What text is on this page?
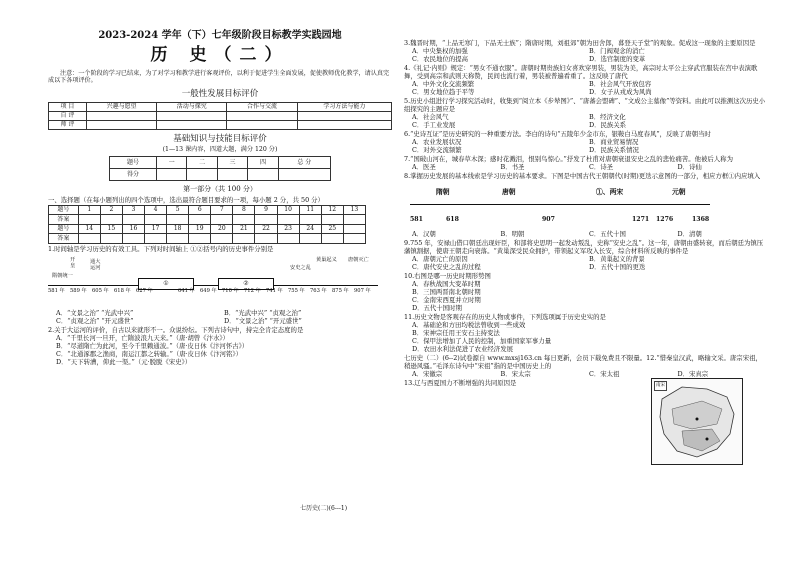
2023-2024 学年（下）七年级阶段目标教学实践园地
历 史（二）
注意：一个阶段的学习已结束，为了对学习和教学进行客观评价，以利于促进学生全面发展，促使教师优化教学，请认真完成以下各项评价。
一般性发展目标评价
项 目	兴趣与愿望	活动与探究	合作与交流	学习方法与能力
自 评				
师 评				
基础知识与技能目标评价
(1—13 课内容，四道大题，满分 120 分)
题号	一	二	三	四	总 分
得分					
第一部分（共 100 分）
一、选择题（在每小题列出的四个选项中，选出最符合题目要求的一项，每小题 2 分，共 50 分）
题号	1	2	3	4	5	6	7	8	9	10	11	12	13
答案													
题号	14	15	16	17	18	19	20	21	22	23	24	25	
答案													
1.时间轴是学习历史的有效工具。下列对时间轴上 ①②括号内的历史事件分别是
开
皇
隋朝统一
通大
运河
①	②
安史之乱
黄巢起义 唐朝灭亡
581 年 589 年 605 年 618 年 627 年	641 年 649 年 710 年 712 年 741 年 755 年 763 年 875 年 907 年
A．“文景之治” “光武中兴”	B．“光武中兴” “贞观之治”
C．“贞观之治” “开元盛世”	D．“文景之治” “开元盛世”
2.关于大运河的评价，自古以来就形不一。众说纷纭。下列古诗句中，持完全肯定态度的是
A．“千里长河一旦开，亡隋波浪九天来。”（唐·胡曾《汴水》）
B．“尽道隋亡为此河，至今千里赖通波。”（唐·皮日休《汴河怀古》）
C．“北通涿郡之渔商，南运江都之转输。”（唐·皮日休《汴河铭》）
D．“天下转漕，仰此一渠。”（元·脱脱《宋史》）
七历史(二)(6---1)
3.魏晋时期，“上品无寒门，下品无士族”；隋唐时期，刘祖郊“朝为田舍郎，暮登天子堂”的观象。促成这一现象的主要原因是
A．中央集权的加强	B．门阀观念的消亡
C．农民地位的提高	D．选官制度的变革
4.《礼记·内则》规定：“男女不通衣服”。唐朝时期贵族妇女喜欢穿男装，男装为美，高宗时太平公主穿武官服装在宫中表演歌舞，受到高宗和武则天称赞，民间也流行着，男装被普遍看重了。这反映了唐代
A．中外文化交流频繁	B．社会风气开放包容
C．男女地位趋于平等	D．女子从戎成为风尚
5.历史小组进行学习探究活动时，收集到“阅立本《步辇图》”、“唐蕃会盟碑”、“文成公主墓像”等资料。由此可以推测这次历史小组探究的主题应是
A．社会风气	B．经济文化
C．手工业发展	D．民族关系
6.“史诗互证”是历史研究的一种重要方法。李白的诗句“五陵年少金市东，银鞍白马度春风”，反映了唐朝当时
A．农业发展状况	B．商业贸易情况
C．对外交流频繁	D．民族关系情况
7.“国破山河在，城春草木深；感时花溅泪，恨别鸟惊心。”抒发了杜甫对唐朝衰退安史之乱的悲怆痛苦。他被后人称为
A．医圣	B．书圣	C．诗圣	D．诗仙
8.掌握历史发展的基本线索是学习历史的基本要求。下图是中国古代王朝朝代(时期)更迭示意图的一部分，相应方框①内应填入
隋朝	唐朝	①、两宋	元朝
581	618	907	1271 1276	1368
A．汉朝	B．明朝	C．五代十国	D．清朝
9.755 年，安禄山借口朝廷出现奸臣，和部将史思明一起发动叛乱，史称“安史之乱”。这一年，唐朝由盛转衰，而后朝廷为镇压藩镇割据，使唐王朝走向衰落。“黄巢深受民众拥护，带领起义军攻入长安，综合材料所反映的事件是
A．唐朝元亡的原因	B．黄巢起义的背景
C．唐代安史之乱的过程	D．五代十国的更迭
10.右图是哪一历史时期形势图
A．春秋战国大变革时期
B．三国两晋南北朝时期
C．金南宋西夏并立时期
D．五代十国时期
11.历史文物是客观存在的历史人物或事件，下列选项属于历史史实的是
A．基础论和方田均税法曾收到一些成效
B．宋神宗任用王安石主持变法
C．保甲法增加了人民的控制，加重国家军事力量
D．农田水利法促进了农业经济发展
七历史（二）(6--2)试卷源自 www.mxsj163.cn 每日更新，会员下载免费且不限量。12.“惜秦皇汉武，略输文采。唐宗宋祖，稍逊风骚。”毛泽东诗句中“宋祖”指的是中国历史上的
A．宋徽宗	B．宋太宗	C．宋太祖	D．宋真宗
13.辽与西夏国力不断增强的共同原因是	南宋
